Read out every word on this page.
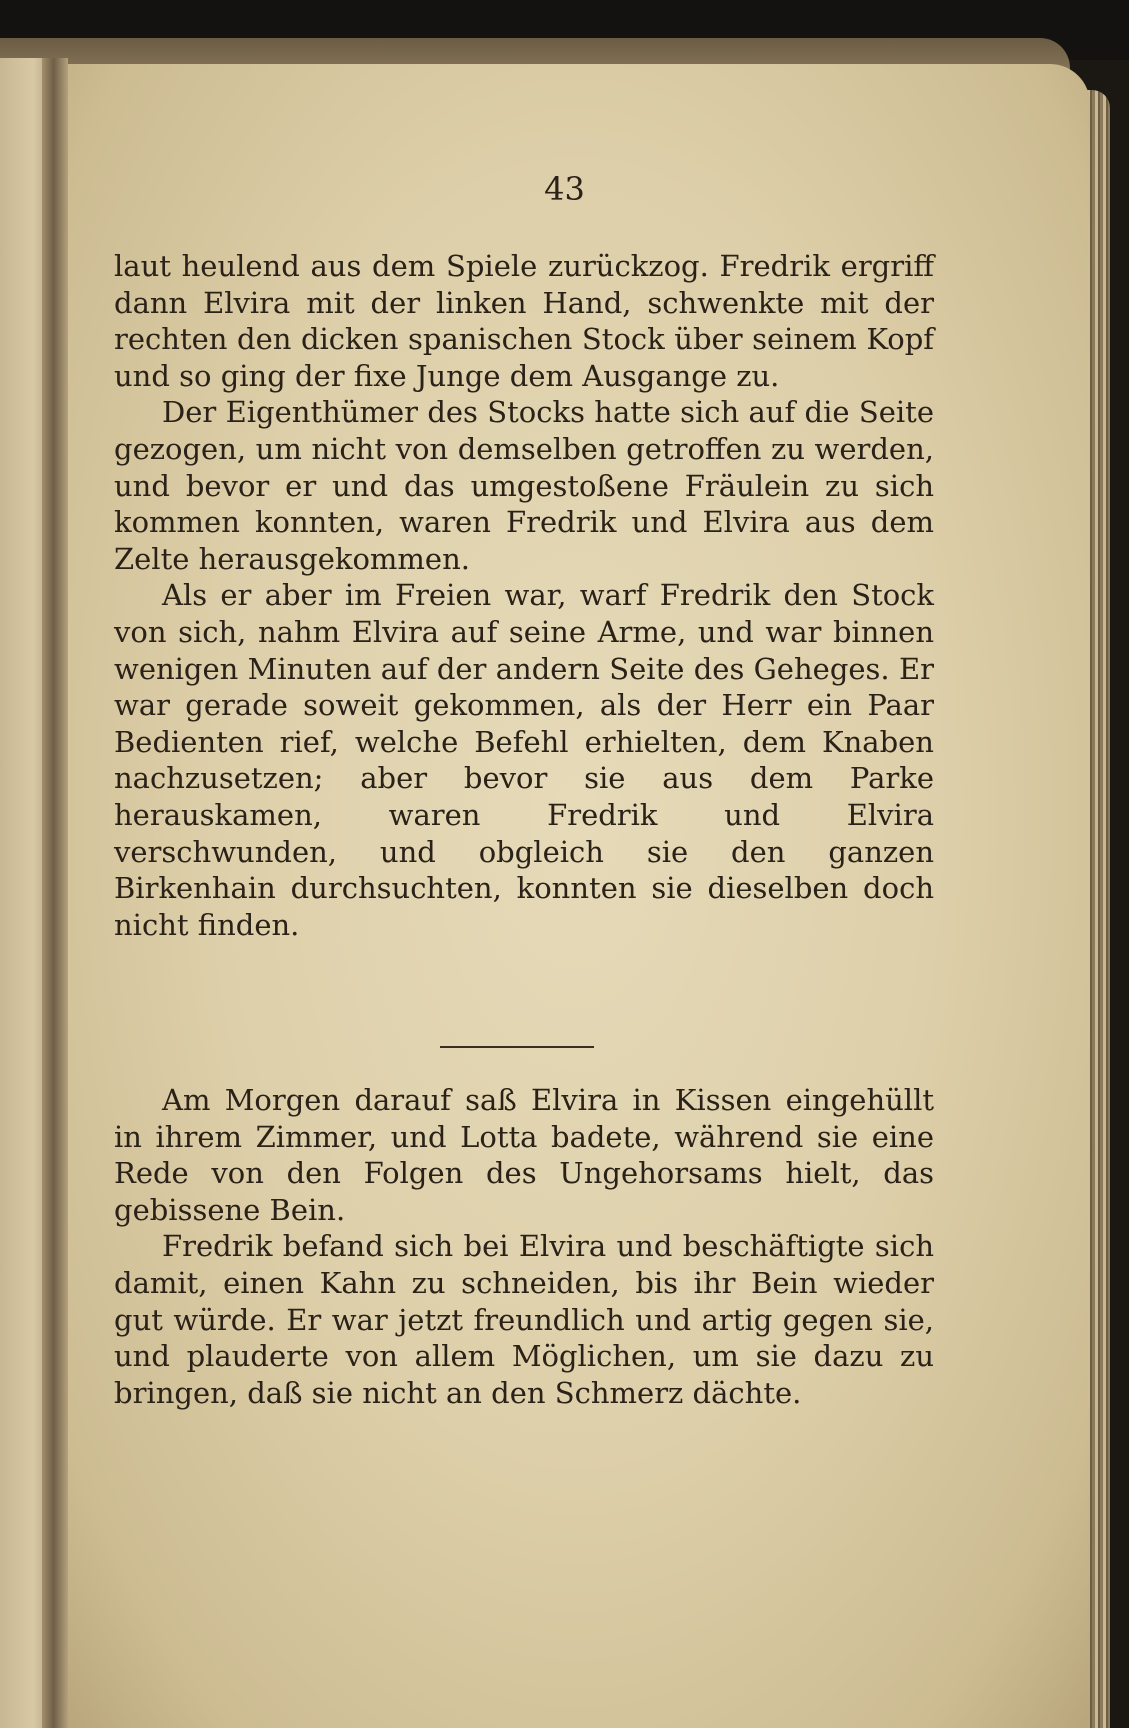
43

laut heulend aus dem Spiele zurückzog. Fredrik ergriff dann Elvira mit der linken Hand, schwenkte mit der rechten den dicken spanischen Stock über seinem Kopf und so ging der fixe Junge dem Ausgange zu.

Der Eigenthümer des Stocks hatte sich auf die Seite gezogen, um nicht von demselben getroffen zu werden, und bevor er und das umgestoßene Fräulein zu sich kommen konnten, waren Fredrik und Elvira aus dem Zelte herausgekommen.

Als er aber im Freien war, warf Fredrik den Stock von sich, nahm Elvira auf seine Arme, und war binnen wenigen Minuten auf der andern Seite des Geheges. Er war gerade soweit gekommen, als der Herr ein Paar Bedienten rief, welche Befehl erhielten, dem Knaben nachzusetzen; aber bevor sie aus dem Parke herauskamen, waren Fredrik und Elvira verschwunden, und obgleich sie den ganzen Birkenhain durchsuchten, konnten sie dieselben doch nicht finden.

Am Morgen darauf saß Elvira in Kissen eingehüllt in ihrem Zimmer, und Lotta badete, während sie eine Rede von den Folgen des Ungehorsams hielt, das gebissene Bein.

Fredrik befand sich bei Elvira und beschäftigte sich damit, einen Kahn zu schneiden, bis ihr Bein wieder gut würde. Er war jetzt freundlich und artig gegen sie, und plauderte von allem Möglichen, um sie dazu zu bringen, daß sie nicht an den Schmerz dächte.
